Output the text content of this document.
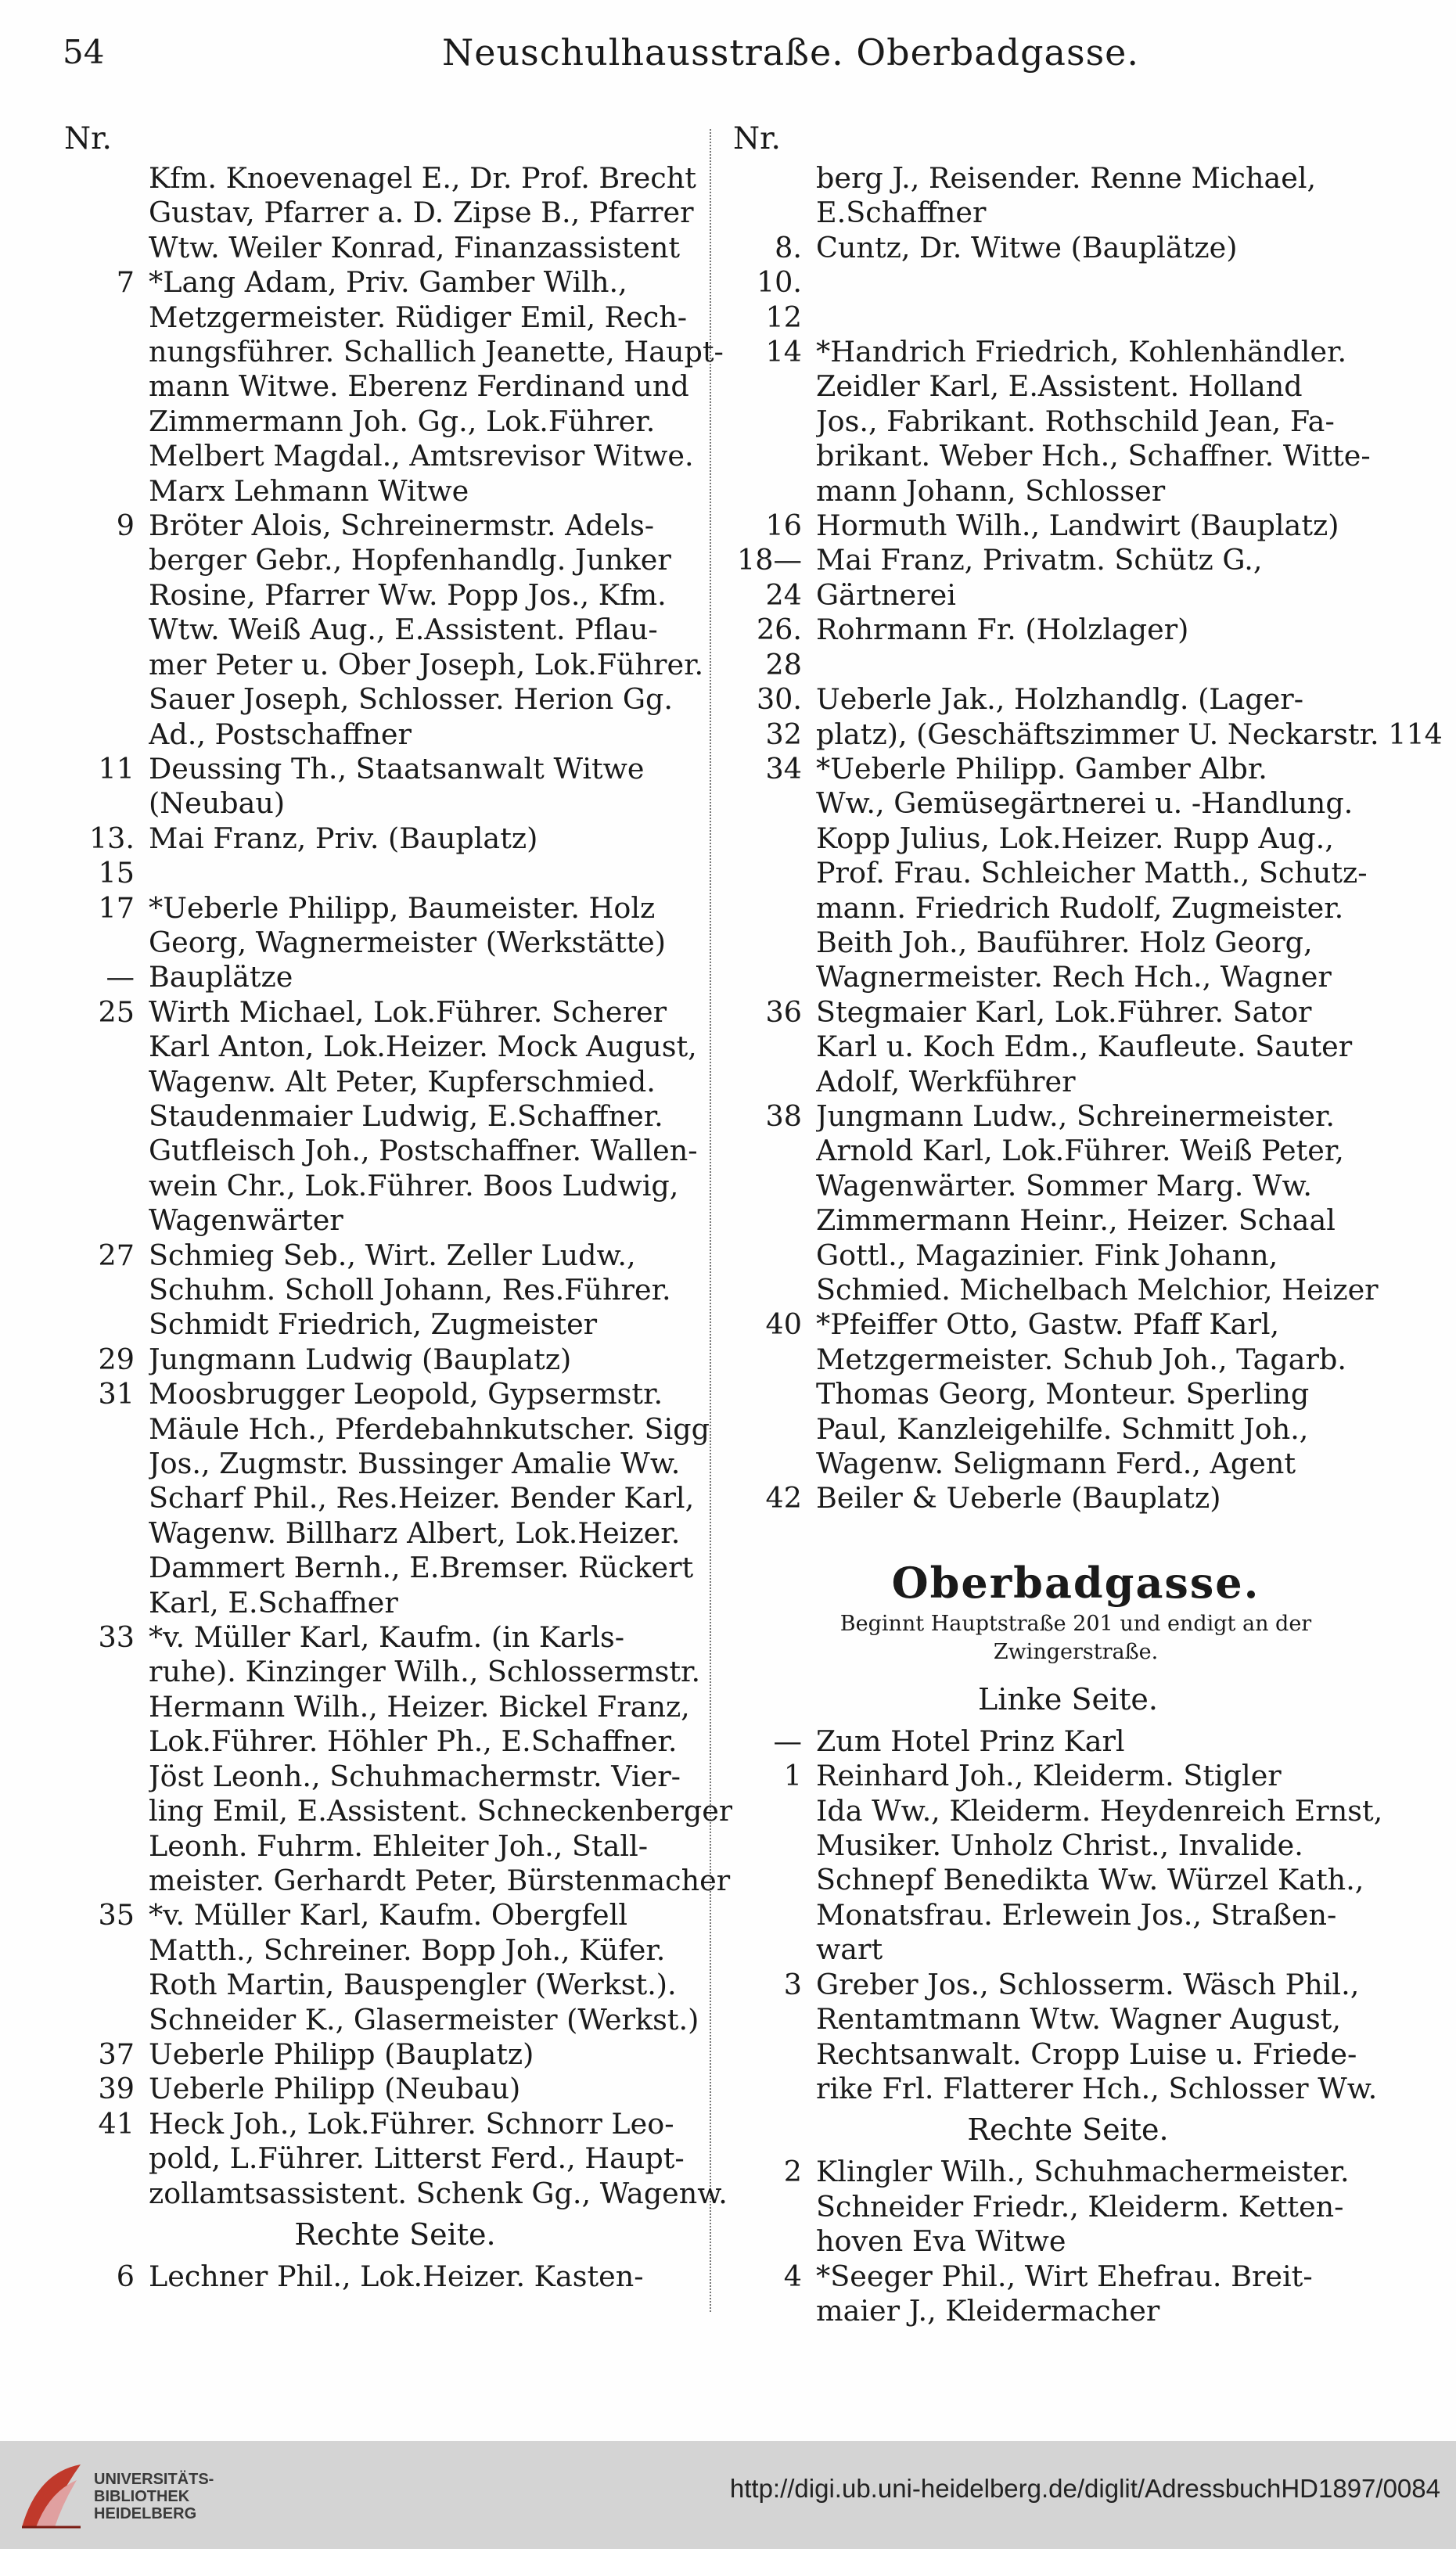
54	Neuschulhausstraße. Oberbadgasse.
Nr.
Kfm. Knoevenagel E., Dr. Prof. Brecht
Gustav, Pfarrer a. D. Zipse B., Pfarrer
Wtw. Weiler Konrad, Finanzassistent
7 *Lang Adam, Priv. Gamber Wilh.,
Metzgermeister. Rüdiger Emil, Rech-
nungsführer. Schallich Jeanette, Haupt-
mann Witwe. Eberenz Ferdinand und
Zimmermann Joh. Gg., Lok.Führer.
Melbert Magdal., Amtsrevisor Witwe.
Marx Lehmann Witwe
9 Bröter Alois, Schreinermstr. Adels-
berger Gebr., Hopfenhandlg. Junker
Rosine, Pfarrer Ww. Popp Jos., Kfm.
Wtw. Weiß Aug., E.Assistent. Pflau-
mer Peter u. Ober Joseph, Lok.Führer.
Sauer Joseph, Schlosser. Herion Gg.
Ad., Postschaffner
11 Deussing Th., Staatsanwalt Witwe
(Neubau)
13. 15
Mai Franz, Priv. (Bauplatz)
17 *Ueberle Philipp, Baumeister. Holz
Georg, Wagnermeister (Werkstätte)
— Bauplätze
25 Wirth Michael, Lok.Führer. Scherer
Karl Anton, Lok.Heizer. Mock August,
Wagenw. Alt Peter, Kupferschmied.
Staudenmaier Ludwig, E.Schaffner.
Gutfleisch Joh., Postschaffner. Wallen-
wein Chr., Lok.Führer. Boos Ludwig,
Wagenwärter
27 Schmieg Seb., Wirt. Zeller Ludw.,
Schuhm. Scholl Johann, Res.Führer.
Schmidt Friedrich, Zugmeister
29 Jungmann Ludwig (Bauplatz)
31 Moosbrugger Leopold, Gypsermstr.
Mäule Hch., Pferdebahnkutscher. Sigg
Jos., Zugmstr. Bussinger Amalie Ww.
Scharf Phil., Res.Heizer. Bender Karl,
Wagenw. Billharz Albert, Lok.Heizer.
Dammert Bernh., E.Bremser. Rückert
Karl, E.Schaffner
33 *v. Müller Karl, Kaufm. (in Karls-
ruhe). Kinzinger Wilh., Schlossermstr.
Hermann Wilh., Heizer. Bickel Franz,
Lok.Führer. Höhler Ph., E.Schaffner.
Jöst Leonh., Schuhmachermstr. Vier-
ling Emil, E.Assistent. Schneckenberger
Leonh. Fuhrm. Ehleiter Joh., Stall-
meister. Gerhardt Peter, Bürstenmacher
35 *v. Müller Karl, Kaufm. Obergfell
Matth., Schreiner. Bopp Joh., Küfer.
Roth Martin, Bauspengler (Werkst.).
Schneider K., Glasermeister (Werkst.)
37 Ueberle Philipp (Bauplatz)
39 Ueberle Philipp (Neubau)
41 Heck Joh., Lok.Führer. Schnorr Leo-
pold, L.Führer. Litterst Ferd., Haupt-
zollamtsassistent. Schenk Gg., Wagenw.
Rechte Seite.
6 Lechner Phil., Lok.Heizer. Kasten-
Nr.
berg J., Reisender. Renne Michael,
E.Schaffner
8. 10. 12
Cuntz, Dr. Witwe (Bauplätze)
14 *Handrich Friedrich, Kohlenhändler.
Zeidler Karl, E.Assistent. Holland
Jos., Fabrikant. Rothschild Jean, Fa-
brikant. Weber Hch., Schaffner. Witte-
mann Johann, Schlosser
16 Hormuth Wilh., Landwirt (Bauplatz)
18—24
Mai Franz, Privatm. Schütz G.,
Gärtnerei
26. 28
Rohrmann Fr. (Holzlager)
30. 32
Ueberle Jak., Holzhandlg. (Lager-
platz), (Geschäftszimmer U. Neckarstr. 114
34 *Ueberle Philipp. Gamber Albr.
Ww., Gemüsegärtnerei u. -Handlung.
Kopp Julius, Lok.Heizer. Rupp Aug.,
Prof. Frau. Schleicher Matth., Schutz-
mann. Friedrich Rudolf, Zugmeister.
Beith Joh., Bauführer. Holz Georg,
Wagnermeister. Rech Hch., Wagner
36 Stegmaier Karl, Lok.Führer. Sator
Karl u. Koch Edm., Kaufleute. Sauter
Adolf, Werkführer
38 Jungmann Ludw., Schreinermeister.
Arnold Karl, Lok.Führer. Weiß Peter,
Wagenwärter. Sommer Marg. Ww.
Zimmermann Heinr., Heizer. Schaal
Gottl., Magazinier. Fink Johann,
Schmied. Michelbach Melchior, Heizer
40 *Pfeiffer Otto, Gastw. Pfaff Karl,
Metzgermeister. Schub Joh., Tagarb.
Thomas Georg, Monteur. Sperling
Paul, Kanzleigehilfe. Schmitt Joh.,
Wagenw. Seligmann Ferd., Agent
42 Beiler & Ueberle (Bauplatz)
Oberbadgasse.
Beginnt Hauptstraße 201 und endigt an der
Zwingerstraße.
Linke Seite.
— Zum Hotel Prinz Karl
1 Reinhard Joh., Kleiderm. Stigler
Ida Ww., Kleiderm. Heydenreich Ernst,
Musiker. Unholz Christ., Invalide.
Schnepf Benedikta Ww. Würzel Kath.,
Monatsfrau. Erlewein Jos., Straßen-
wart
3 Greber Jos., Schlosserm. Wäsch Phil.,
Rentamtmann Wtw. Wagner August,
Rechtsanwalt. Cropp Luise u. Friede-
rike Frl. Flatterer Hch., Schlosser Ww.
Rechte Seite.
2 Klingler Wilh., Schuhmachermeister.
Schneider Friedr., Kleiderm. Ketten-
hoven Eva Witwe
4 *Seeger Phil., Wirt Ehefrau. Breit-
maier J., Kleidermacher
UNIVERSITÄTS-
BIBLIOTHEK
HEIDELBERG
http://digi.ub.uni-heidelberg.de/diglit/AdressbuchHD1897/0084
